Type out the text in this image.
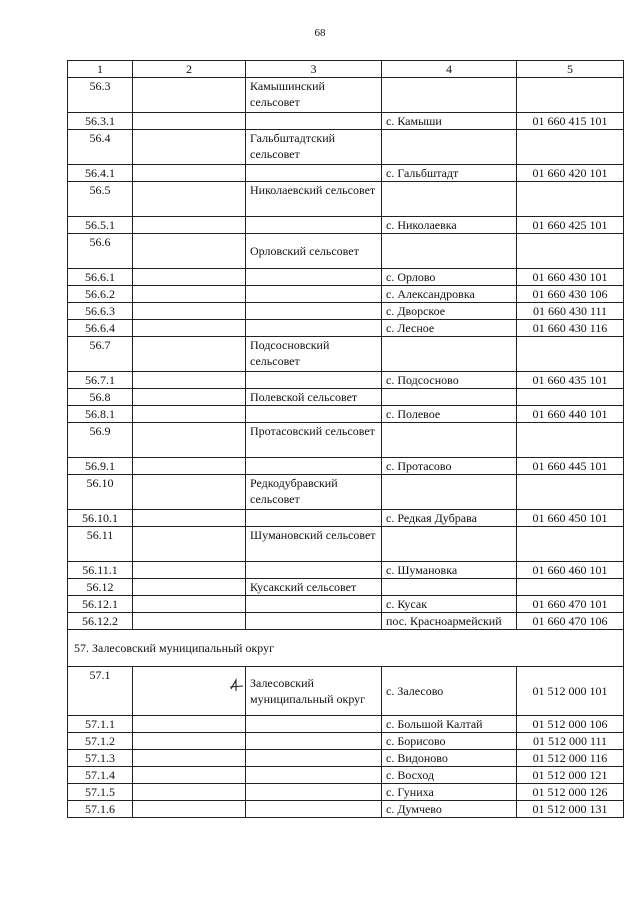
68
1	2	3	4	5
56.3		Камышинский сельсовет		
56.3.1			с. Камыши	01 660 415 101
56.4		Гальбштадтский сельсовет		
56.4.1			с. Гальбштадт	01 660 420 101
56.5		Николаевский сельсовет		
56.5.1			с. Николаевка	01 660 425 101
56.6		Орловский сельсовет		
56.6.1			с. Орлово	01 660 430 101
56.6.2			с. Александровка	01 660 430 106
56.6.3			с. Дворское	01 660 430 111
56.6.4			с. Лесное	01 660 430 116
56.7		Подсосновский сельсовет		
56.7.1			с. Подсосново	01 660 435 101
56.8		Полевской сельсовет		
56.8.1			с. Полевое	01 660 440 101
56.9		Протасовский сельсовет		
56.9.1			с. Протасово	01 660 445 101
56.10		Редкодубравский сельсовет		
56.10.1			с. Редкая Дубрава	01 660 450 101
56.11		Шумановский сельсовет		
56.11.1			с. Шумановка	01 660 460 101
56.12		Кусакский сельсовет		
56.12.1			с. Кусак	01 660 470 101
56.12.2			пос. Красноармейский	01 660 470 106
57. Залесовский муниципальный округ				
57.1		Залесовский муниципальный округ	с. Залесово	01 512 000 101
57.1.1			с. Большой Калтай	01 512 000 106
57.1.2			с. Борисово	01 512 000 111
57.1.3			с. Видоново	01 512 000 116
57.1.4			с. Восход	01 512 000 121
57.1.5			с. Гуниха	01 512 000 126
57.1.6			с. Думчево	01 512 000 131
